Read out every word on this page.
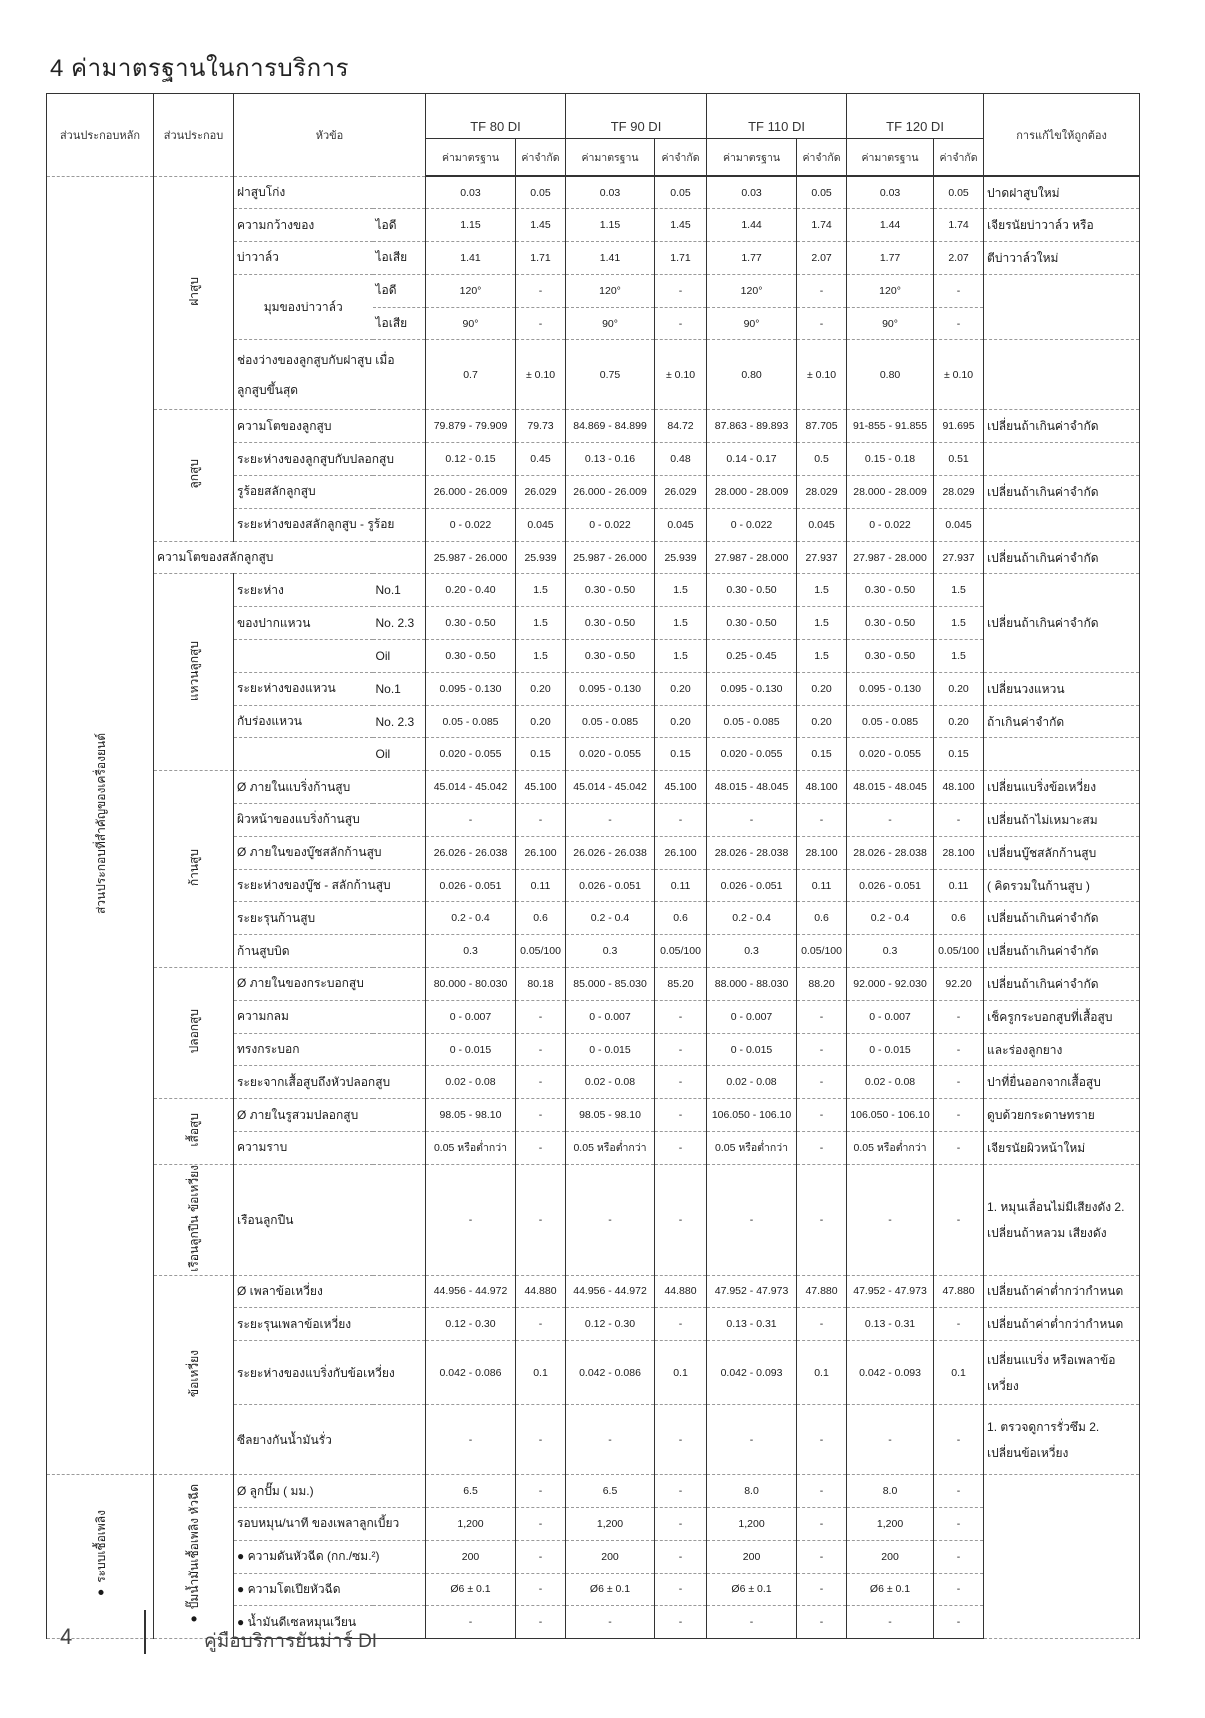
4 ค่ามาตรฐานในการบริการ
ส่วนประกอบหลัก	ส่วนประกอบ	หัวข้อ		TF 80 DI		TF 90 DI		TF 110 DI		TF 120 DI		การแก้ไขให้ถูกต้อง
				ค่ามาตรฐาน	ค่าจำกัด	ค่ามาตรฐาน	ค่าจำกัด	ค่ามาตรฐาน	ค่าจำกัด	ค่ามาตรฐาน	ค่าจำกัด	
ส่วนประกอบที่สำคัญของเครื่องยนต์	ฝาสูบ	ฝาสูบโก่ง		0.03	0.05	0.03	0.05	0.03	0.05	0.03	0.05	ปาดฝาสูบใหม่
		ความกว้างของ	ไอดี	1.15	1.45	1.15	1.45	1.44	1.74	1.44	1.74	เจียรนัยบ่าวาล์ว หรือ
		บ่าวาล์ว	ไอเสีย	1.41	1.71	1.41	1.71	1.77	2.07	1.77	2.07	ตีบ่าวาล์วใหม่
		มุมของบ่าวาล์ว	ไอดี	120°	-	120°	-	120°	-	120°	-	
			ไอเสีย	90°	-	90°	-	90°	-	90°	-	
		ช่องว่างของลูกสูบกับฝาสูบ เมื่อลูกสูบขึ้นสุด		0.7	± 0.10	0.75	± 0.10	0.80	± 0.10	0.80	± 0.10	
	ลูกสูบ	ความโตของลูกสูบ		79.879 - 79.909	79.73	84.869 - 84.899	84.72	87.863 - 89.893	87.705	91-855 - 91.855	91.695	เปลี่ยนถ้าเกินค่าจำกัด
		ระยะห่างของลูกสูบกับปลอกสูบ		0.12 - 0.15	0.45	0.13 - 0.16	0.48	0.14 - 0.17	0.5	0.15 - 0.18	0.51	
		รูร้อยสลักลูกสูบ		26.000 - 26.009	26.029	26.000 - 26.009	26.029	28.000 - 28.009	28.029	28.000 - 28.009	28.029	เปลี่ยนถ้าเกินค่าจำกัด
		ระยะห่างของสลักลูกสูบ - รูร้อย		0 - 0.022	0.045	0 - 0.022	0.045	0 - 0.022	0.045	0 - 0.022	0.045	
	ความโตของสลักลูกสูบ			25.987 - 26.000	25.939	25.987 - 26.000	25.939	27.987 - 28.000	27.937	27.987 - 28.000	27.937	เปลี่ยนถ้าเกินค่าจำกัด
	แหวนลูกสูบ	ระยะห่าง	No.1	0.20 - 0.40	1.5	0.30 - 0.50	1.5	0.30 - 0.50	1.5	0.30 - 0.50	1.5	เปลี่ยนถ้าเกินค่าจำกัด
		ของปากแหวน	No. 2.3	0.30 - 0.50	1.5	0.30 - 0.50	1.5	0.30 - 0.50	1.5	0.30 - 0.50	1.5	
			Oil	0.30 - 0.50	1.5	0.30 - 0.50	1.5	0.25 - 0.45	1.5	0.30 - 0.50	1.5	
		ระยะห่างของแหวน	No.1	0.095 - 0.130	0.20	0.095 - 0.130	0.20	0.095 - 0.130	0.20	0.095 - 0.130	0.20	เปลี่ยนวงแหวน
		กับร่องแหวน	No. 2.3	0.05 - 0.085	0.20	0.05 - 0.085	0.20	0.05 - 0.085	0.20	0.05 - 0.085	0.20	ถ้าเกินค่าจำกัด
			Oil	0.020 - 0.055	0.15	0.020 - 0.055	0.15	0.020 - 0.055	0.15	0.020 - 0.055	0.15	
	ก้านสูบ	Ø ภายในแบริ่งก้านสูบ		45.014 - 45.042	45.100	45.014 - 45.042	45.100	48.015 - 48.045	48.100	48.015 - 48.045	48.100	เปลี่ยนแบริ่งข้อเหวี่ยง
		ผิวหน้าของแบริ่งก้านสูบ		-	-	-	-	-	-	-	-	เปลี่ยนถ้าไม่เหมาะสม
		Ø ภายในของบู๊ชสลักก้านสูบ		26.026 - 26.038	26.100	26.026 - 26.038	26.100	28.026 - 28.038	28.100	28.026 - 28.038	28.100	เปลี่ยนบู๊ชสลักก้านสูบ
		ระยะห่างของบู๊ช - สลักก้านสูบ		0.026 - 0.051	0.11	0.026 - 0.051	0.11	0.026 - 0.051	0.11	0.026 - 0.051	0.11	( คิดรวมในก้านสูบ )
		ระยะรุนก้านสูบ		0.2 - 0.4	0.6	0.2 - 0.4	0.6	0.2 - 0.4	0.6	0.2 - 0.4	0.6	เปลี่ยนถ้าเกินค่าจำกัด
		ก้านสูบบิด		0.3	0.05/100	0.3	0.05/100	0.3	0.05/100	0.3	0.05/100	เปลี่ยนถ้าเกินค่าจำกัด
	ปลอกสูบ	Ø ภายในของกระบอกสูบ		80.000 - 80.030	80.18	85.000 - 85.030	85.20	88.000 - 88.030	88.20	92.000 - 92.030	92.20	เปลี่ยนถ้าเกินค่าจำกัด
		ความกลม		0 - 0.007	-	0 - 0.007	-	0 - 0.007	-	0 - 0.007	-	เช็ครูกระบอกสูบที่เสื้อสูบ
		ทรงกระบอก		0 - 0.015	-	0 - 0.015	-	0 - 0.015	-	0 - 0.015	-	และร่องลูกยาง
		ระยะจากเสื้อสูบถึงหัวปลอกสูบ		0.02 - 0.08	-	0.02 - 0.08	-	0.02 - 0.08	-	0.02 - 0.08	-	ปาที่ยื่นออกจากเสื้อสูบ
	เสื้อสูบ	Ø ภายในรูสวมปลอกสูบ		98.05 - 98.10	-	98.05 - 98.10	-	106.050 - 106.10	-	106.050 - 106.10	-	ดูบด้วยกระดาษทราย
		ความราบ		0.05 หรือต่ำกว่า	-	0.05 หรือต่ำกว่า	-	0.05 หรือต่ำกว่า	-	0.05 หรือต่ำกว่า	-	เจียรนัยผิวหน้าใหม่
	เรือนลูกปืน ข้อเหวี่ยง	เรือนลูกปืน		-	-	-	-	-	-	-	-	1. หมุนเลื่อนไม่มีเสียงดัง 2. เปลี่ยนถ้าหลวม เสียงดัง
	ข้อเหวี่ยง	Ø เพลาข้อเหวี่ยง		44.956 - 44.972	44.880	44.956 - 44.972	44.880	47.952 - 47.973	47.880	47.952 - 47.973	47.880	เปลี่ยนถ้าค่าต่ำกว่ากำหนด
		ระยะรุนเพลาข้อเหวี่ยง		0.12 - 0.30	-	0.12 - 0.30	-	0.13 - 0.31	-	0.13 - 0.31	-	เปลี่ยนถ้าค่าต่ำกว่ากำหนด
		ระยะห่างของแบริ่งกับข้อเหวี่ยง		0.042 - 0.086	0.1	0.042 - 0.086	0.1	0.042 - 0.093	0.1	0.042 - 0.093	0.1	เปลี่ยนแบริ่ง หรือเพลาข้อเหวี่ยง
		ซีลยางกันน้ำมันรั่ว		-	-	-	-	-	-	-	-	1. ตรวจดูการรั่วซึม 2. เปลี่ยนข้อเหวี่ยง
● ระบบเชื้อเพลิง	● ปั๊มน้ำมันเชื้อเพลิง หัวฉีด	Ø ลูกปั๊ม ( มม.)		6.5	-	6.5	-	8.0	-	8.0	-	
		รอบหมุน/นาที ของเพลาลูกเบี้ยว		1,200	-	1,200	-	1,200	-	1,200	-	
		● ความดันหัวฉีด (กก./ซม.²)		200	-	200	-	200	-	200	-	
		● ความโตเปียหัวฉีด		Ø6 ± 0.1	-	Ø6 ± 0.1	-	Ø6 ± 0.1	-	Ø6 ± 0.1	-	
		● น้ำมันดีเซลหมุนเวียน		-	-	-	-	-	-	-	-	
4	คู่มือบริการยันม่าร์ DI
